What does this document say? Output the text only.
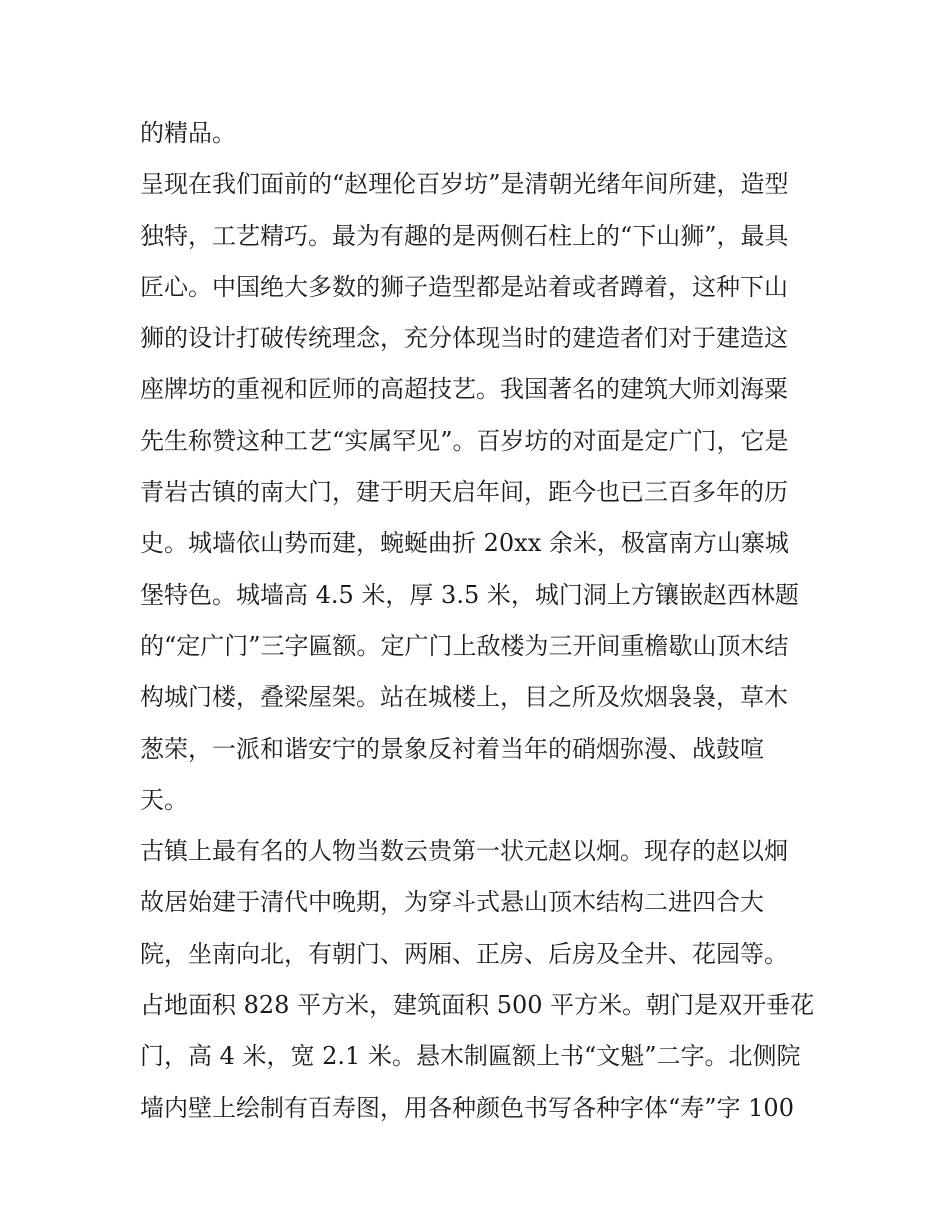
的精品。
呈现在我们面前的“赵理伦百岁坊”是清朝光绪年间所建，造型
独特，工艺精巧。最为有趣的是两侧石柱上的“下山狮”，最具
匠心。中国绝大多数的狮子造型都是站着或者蹲着，这种下山
狮的设计打破传统理念，充分体现当时的建造者们对于建造这
座牌坊的重视和匠师的高超技艺。我国著名的建筑大师刘海粟
先生称赞这种工艺“实属罕见”。百岁坊的对面是定广门，它是
青岩古镇的南大门，建于明天启年间，距今也已三百多年的历
史。城墙依山势而建，蜿蜒曲折 20xx 余米，极富南方山寨城
堡特色。城墙高 4.5 米，厚 3.5 米，城门洞上方镶嵌赵西林题
的“定广门”三字匾额。定广门上敌楼为三开间重檐歇山顶木结
构城门楼，叠梁屋架。站在城楼上，目之所及炊烟袅袅，草木
葱荣，一派和谐安宁的景象反衬着当年的硝烟弥漫、战鼓喧
天。
古镇上最有名的人物当数云贵第一状元赵以炯。现存的赵以炯
故居始建于清代中晚期，为穿斗式悬山顶木结构二进四合大
院，坐南向北，有朝门、两厢、正房、后房及全井、花园等。
占地面积 828 平方米，建筑面积 500 平方米。朝门是双开垂花
门，高 4 米，宽 2.1 米。悬木制匾额上书“文魁”二字。北侧院
墙内壁上绘制有百寿图，用各种颜色书写各种字体“寿”字 100
